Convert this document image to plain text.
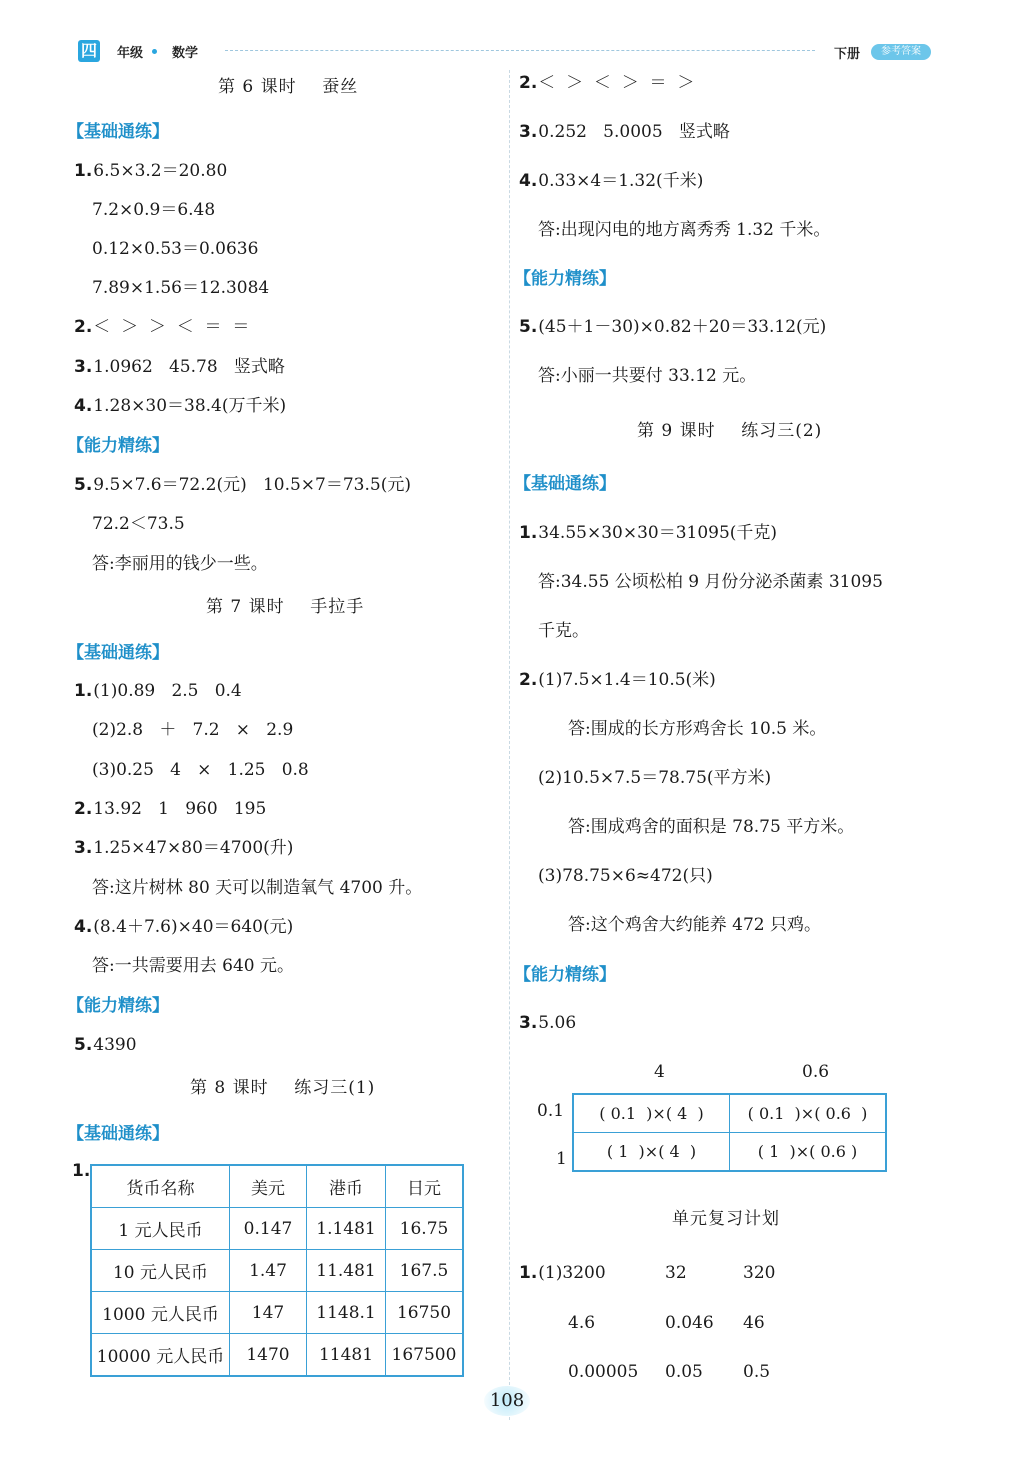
四 年级 数学	下册	参考答案
第 6 课时    蚕丝
【基础通练】
1.6.5×3.2＝20.80
7.2×0.9＝6.48
0.12×0.53＝0.0636
7.89×1.56＝12.3084
2.＜  ＞  ＞  ＜  ＝  ＝
3.1.0962   45.78   竖式略
4.1.28×30＝38.4(万千米)
【能力精练】
5.9.5×7.6＝72.2(元)   10.5×7＝73.5(元)
72.2＜73.5
答:李丽用的钱少一些。
第 7 课时    手拉手
【基础通练】
1.(1)0.89   2.5   0.4
(2)2.8   ＋   7.2   ×   2.9
(3)0.25   4   ×   1.25   0.8
2.13.92   1   960   195
3.1.25×47×80＝4700(升)
答:这片树林 80 天可以制造氧气 4700 升。
4.(8.4＋7.6)×40＝640(元)
答:一共需要用去 640 元。
【能力精练】
5.4390
第 8 课时    练习三(1)
【基础通练】
1.
货币名称	美元	港币	日元
1 元人民币	0.147	1.1481	16.75
10 元人民币	1.47	11.481	167.5
1000 元人民币	147	1148.1	16750
10000 元人民币	1470	11481	167500
2.＜  ＞  ＜  ＞  ＝  ＞
3.0.252   5.0005   竖式略
4.0.33×4＝1.32(千米)
答:出现闪电的地方离秀秀 1.32 千米。
【能力精练】
5.(45＋1－30)×0.82＋20＝33.12(元)
答:小丽一共要付 33.12 元。
第 9 课时    练习三(2)
【基础通练】
1.34.55×30×30＝31095(千克)
答:34.55 公顷松柏 9 月份分泌杀菌素 31095
千克。
2.(1)7.5×1.4＝10.5(米)
答:围成的长方形鸡舍长 10.5 米。
(2)10.5×7.5＝78.75(平方米)
答:围成鸡舍的面积是 78.75 平方米。
(3)78.75×6≈472(只)
答:这个鸡舍大约能养 472 只鸡。
【能力精练】
3.5.06
4	0.6
0.1
1
( 0.1  )×( 4  )	( 0.1  )×( 0.6  )
( 1  )×( 4  )	( 1  )×( 0.6 )
单元复习计划
1.(1)3200	32	320
4.6	0.046 46
0.00005 0.05 0.5
108
